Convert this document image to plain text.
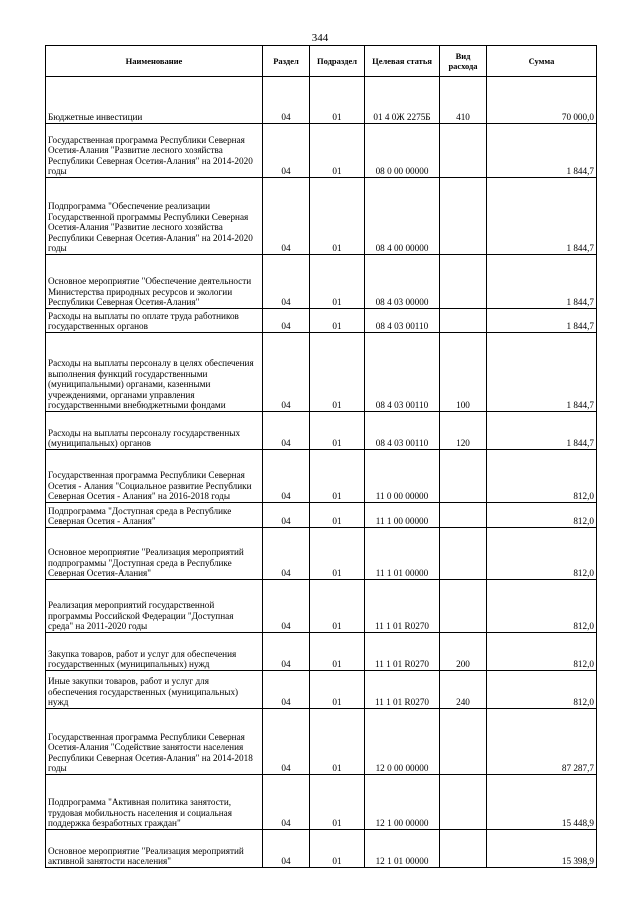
344
Наименование	Раздел	Подраздел	Целевая статья	Вид расхода	Сумма
Бюджетные инвестиции	04	01	01 4 0Ж 2275Б	410	70 000,0
Государственная программа Республики Северная Осетия-Алания "Развитие лесного хозяйства Республики Северная Осетия-Алания" на 2014-2020 годы	04	01	08 0 00 00000		1 844,7
Подпрограмма "Обеспечение реализации Государственной программы Республики Северная Осетия-Алания "Развитие лесного хозяйства Республики Северная Осетия-Алания" на 2014-2020 годы	04	01	08 4 00 00000		1 844,7
Основное мероприятие "Обеспечение деятельности Министерства природных ресурсов и экологии Республики Северная Осетия-Алания"	04	01	08 4 03 00000		1 844,7
Расходы на выплаты по оплате труда работников государственных органов	04	01	08 4 03 00110		1 844,7
Расходы на выплаты персоналу в целях обеспечения выполнения функций государственными (муниципальными) органами, казенными учреждениями, органами управления государственными внебюджетными фондами	04	01	08 4 03 00110	100	1 844,7
Расходы на выплаты персоналу государственных (муниципальных) органов	04	01	08 4 03 00110	120	1 844,7
Государственная программа Республики Северная Осетия - Алания "Социальное развитие Республики Северная Осетия - Алания" на 2016-2018 годы	04	01	11 0 00 00000		812,0
Подпрограмма "Доступная среда в Республике Северная Осетия - Алания"	04	01	11 1 00 00000		812,0
Основное мероприятие "Реализация мероприятий подпрограммы "Доступная среда в Республике Северная Осетия-Алания"	04	01	11 1 01 00000		812,0
Реализация мероприятий государственной программы Российской Федерации "Доступная среда" на 2011-2020 годы	04	01	11 1 01 R0270		812,0
Закупка товаров, работ и услуг для обеспечения государственных (муниципальных) нужд	04	01	11 1 01 R0270	200	812,0
Иные закупки товаров, работ и услуг для обеспечения государственных (муниципальных) нужд	04	01	11 1 01 R0270	240	812,0
Государственная программа Республики Северная Осетия-Алания "Содействие занятости населения Республики Северная Осетия-Алания" на 2014-2018 годы	04	01	12 0 00 00000		87 287,7
Подпрограмма "Активная политика занятости, трудовая мобильность населения и социальная поддержка безработных граждан"	04	01	12 1 00 00000		15 448,9
Основное мероприятие "Реализация мероприятий активной занятости населения"	04	01	12 1 01 00000		15 398,9
